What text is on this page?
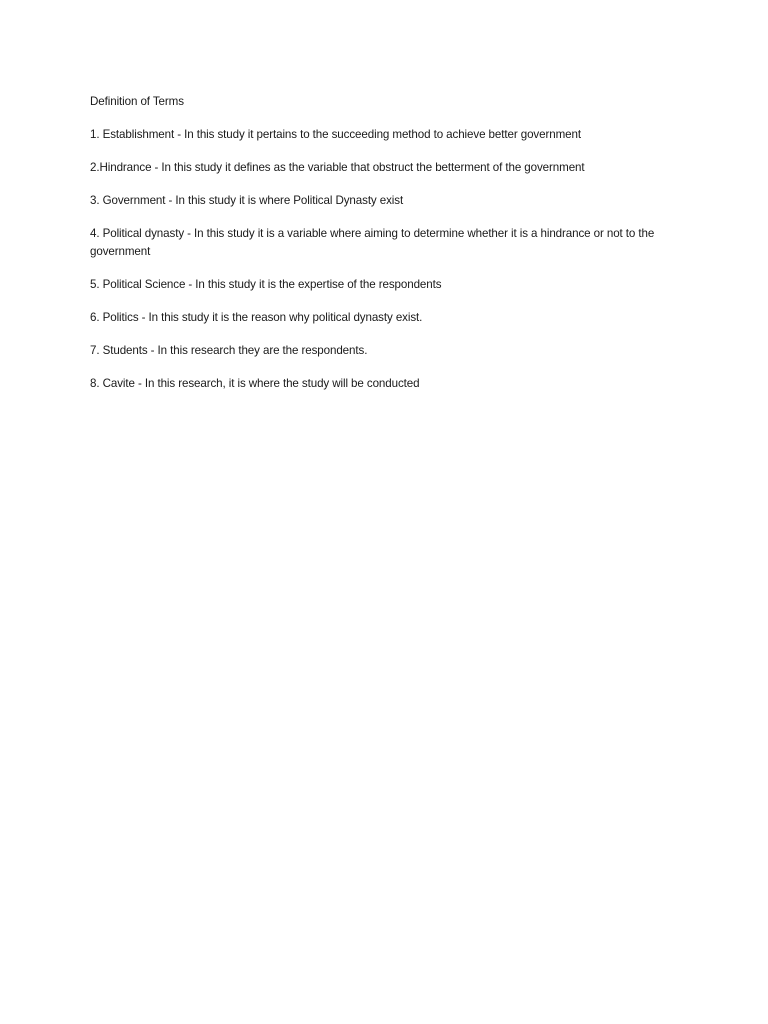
Definition of Terms
1. Establishment - In this study it pertains to the succeeding method to achieve better government
2.Hindrance - In this study it defines as the variable that obstruct the betterment of the government
3. Government - In this study it is where Political Dynasty exist
4. Political dynasty - In this study it is a variable where aiming to determine whether it is a hindrance or not to the government
5. Political Science - In this study it is the expertise of the respondents
6. Politics - In this study it is the reason why political dynasty exist.
7. Students - In this research they are the respondents.
8. Cavite - In this research, it is where the study will be conducted
